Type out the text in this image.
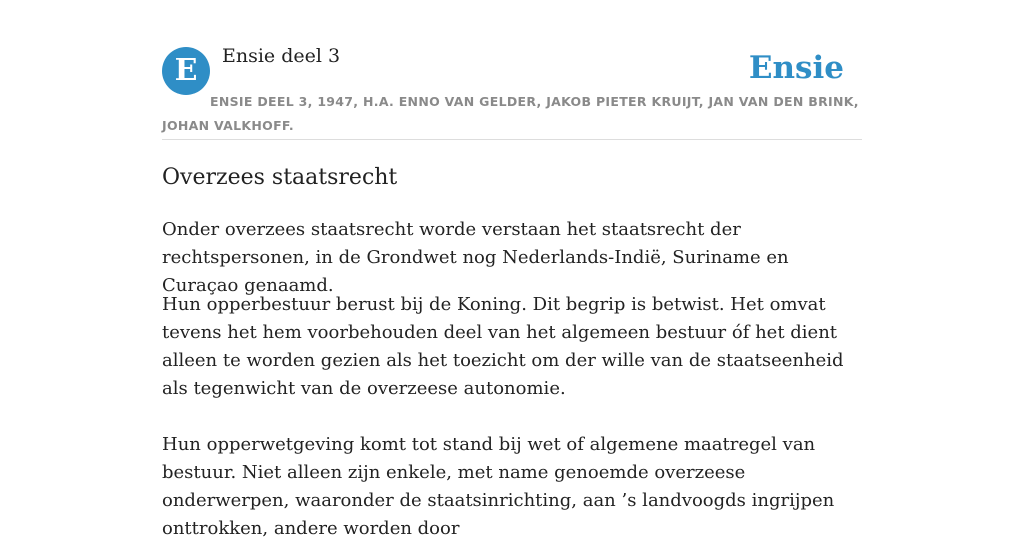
E	Ensie deel 3	Ensie
ENSIE DEEL 3, 1947, H.A. ENNO VAN GELDER, JAKOB PIETER KRUIJT, JAN VAN DEN BRINK, JOHAN VALKHOFF.
Overzees staatsrecht

Onder overzees staatsrecht worde verstaan het staatsrecht der rechtspersonen, in de Grondwet nog Nederlands-Indië, Suriname en Curaçao genaamd.

Hun opperbestuur berust bij de Koning. Dit begrip is betwist. Het omvat tevens het hem voorbehouden deel van het algemeen bestuur óf het dient alleen te worden gezien als het toezicht om der wille van de staatseenheid als tegenwicht van de overzeese autonomie.

Hun opperwetgeving komt tot stand bij wet of algemene maatregel van bestuur. Niet alleen zijn enkele, met name genoemde overzeese onderwerpen, waaronder de staatsinrichting, aan ’s landvoogds ingrijpen onttrokken, andere worden door
